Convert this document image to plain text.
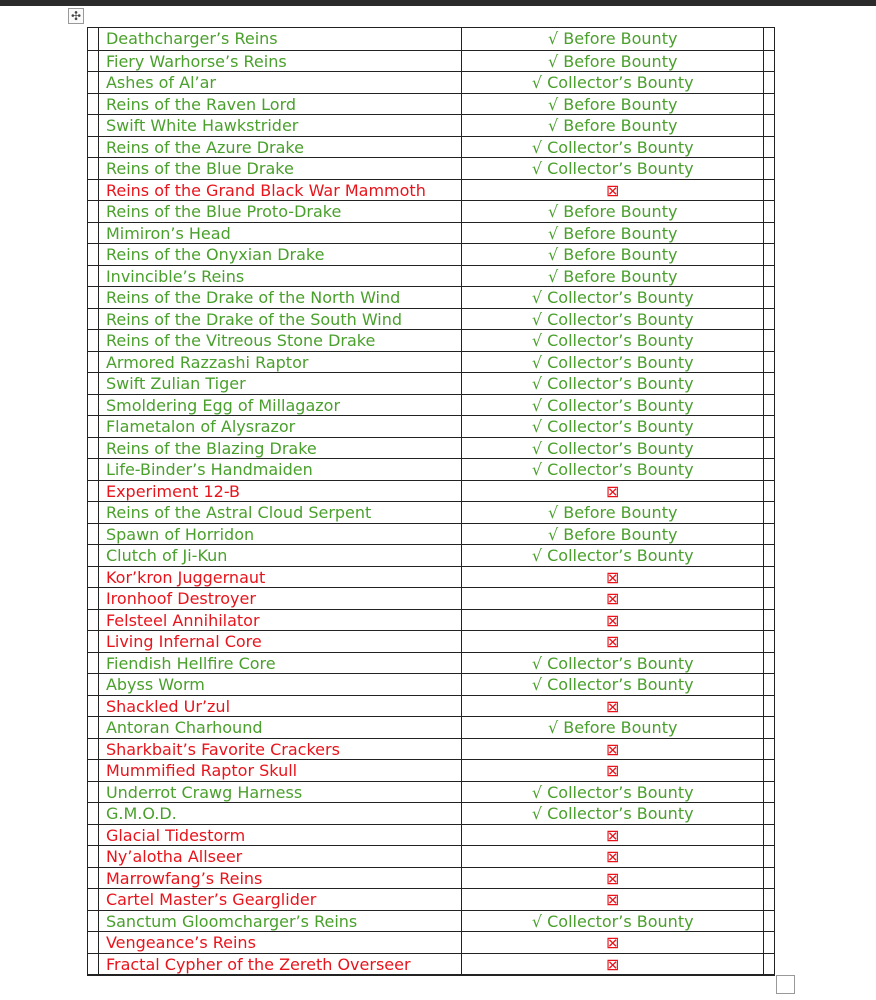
✣
Deathcharger’s Reins	√ Before Bounty
Fiery Warhorse’s Reins	√ Before Bounty
Ashes of Al’ar	√ Collector’s Bounty
Reins of the Raven Lord	√ Before Bounty
Swift White Hawkstrider	√ Before Bounty
Reins of the Azure Drake	√ Collector’s Bounty
Reins of the Blue Drake	√ Collector’s Bounty
Reins of the Grand Black War Mammoth	⊠
Reins of the Blue Proto-Drake	√ Before Bounty
Mimiron’s Head	√ Before Bounty
Reins of the Onyxian Drake	√ Before Bounty
Invincible’s Reins	√ Before Bounty
Reins of the Drake of the North Wind	√ Collector’s Bounty
Reins of the Drake of the South Wind	√ Collector’s Bounty
Reins of the Vitreous Stone Drake	√ Collector’s Bounty
Armored Razzashi Raptor	√ Collector’s Bounty
Swift Zulian Tiger	√ Collector’s Bounty
Smoldering Egg of Millagazor	√ Collector’s Bounty
Flametalon of Alysrazor	√ Collector’s Bounty
Reins of the Blazing Drake	√ Collector’s Bounty
Life-Binder’s Handmaiden	√ Collector’s Bounty
Experiment 12-B	⊠
Reins of the Astral Cloud Serpent	√ Before Bounty
Spawn of Horridon	√ Before Bounty
Clutch of Ji-Kun	√ Collector’s Bounty
Kor’kron Juggernaut	⊠
Ironhoof Destroyer	⊠
Felsteel Annihilator	⊠
Living Infernal Core	⊠
Fiendish Hellfire Core	√ Collector’s Bounty
Abyss Worm	√ Collector’s Bounty
Shackled Ur’zul	⊠
Antoran Charhound	√ Before Bounty
Sharkbait’s Favorite Crackers	⊠
Mummified Raptor Skull	⊠
Underrot Crawg Harness	√ Collector’s Bounty
G.M.O.D.	√ Collector’s Bounty
Glacial Tidestorm	⊠
Ny’alotha Allseer	⊠
Marrowfang’s Reins	⊠
Cartel Master’s Gearglider	⊠
Sanctum Gloomcharger’s Reins	√ Collector’s Bounty
Vengeance’s Reins	⊠
Fractal Cypher of the Zereth Overseer	⊠
